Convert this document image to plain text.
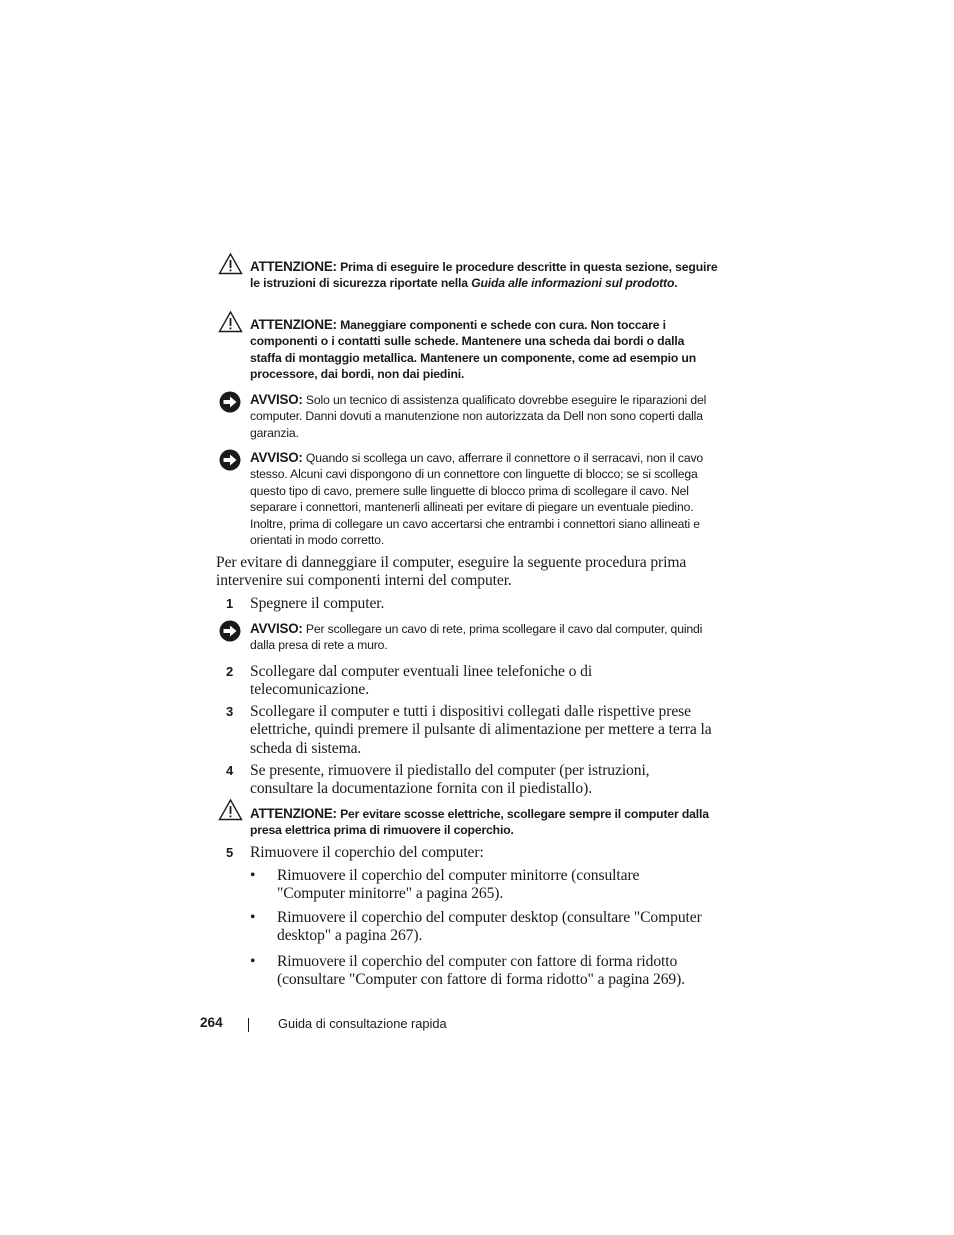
ATTENZIONE: Prima di eseguire le procedure descritte in questa sezione, seguire le istruzioni di sicurezza riportate nella Guida alle informazioni sul prodotto.
ATTENZIONE: Maneggiare componenti e schede con cura. Non toccare i componenti o i contatti sulle schede. Mantenere una scheda dai bordi o dalla staffa di montaggio metallica. Mantenere un componente, come ad esempio un processore, dai bordi, non dai piedini.
AVVISO: Solo un tecnico di assistenza qualificato dovrebbe eseguire le riparazioni del computer. Danni dovuti a manutenzione non autorizzata da Dell non sono coperti dalla garanzia.
AVVISO: Quando si scollega un cavo, afferrare il connettore o il serracavi, non il cavo stesso. Alcuni cavi dispongono di un connettore con linguette di blocco; se si scollega questo tipo di cavo, premere sulle linguette di blocco prima di scollegare il cavo. Nel separare i connettori, mantenerli allineati per evitare di piegare un eventuale piedino. Inoltre, prima di collegare un cavo accertarsi che entrambi i connettori siano allineati e orientati in modo corretto.
Per evitare di danneggiare il computer, eseguire la seguente procedura prima intervenire sui componenti interni del computer.
1 Spegnere il computer.
AVVISO: Per scollegare un cavo di rete, prima scollegare il cavo dal computer, quindi dalla presa di rete a muro.
2 Scollegare dal computer eventuali linee telefoniche o di telecomunicazione.
3 Scollegare il computer e tutti i dispositivi collegati dalle rispettive prese elettriche, quindi premere il pulsante di alimentazione per mettere a terra la scheda di sistema.
4 Se presente, rimuovere il piedistallo del computer (per istruzioni, consultare la documentazione fornita con il piedistallo).
ATTENZIONE: Per evitare scosse elettriche, scollegare sempre il computer dalla presa elettrica prima di rimuovere il coperchio.
5 Rimuovere il coperchio del computer:
• Rimuovere il coperchio del computer minitorre (consultare "Computer minitorre" a pagina 265).
• Rimuovere il coperchio del computer desktop (consultare "Computer desktop" a pagina 267).
• Rimuovere il coperchio del computer con fattore di forma ridotto (consultare "Computer con fattore di forma ridotto" a pagina 269).
264	Guida di consultazione rapida
